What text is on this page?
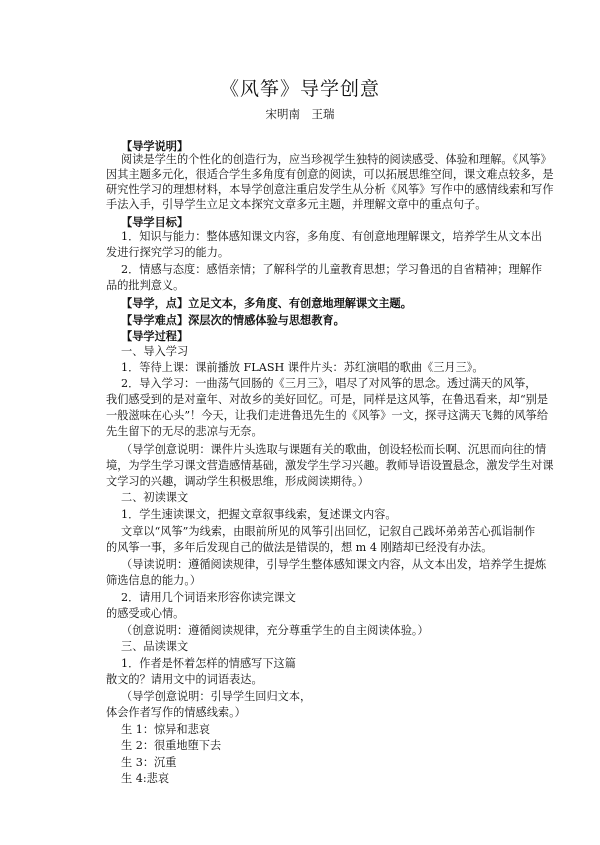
《风筝》导学创意
宋明南　王瑞
【导学说明】
阅读是学生的个性化的创造行为，应当珍视学生独特的阅读感受、体验和理解。《风筝》
因其主题多元化，很适合学生多角度有创意的阅读，可以拓展思维空间，课文难点较多，是
研究性学习的理想材料，本导学创意注重启发学生从分析《风筝》写作中的感情线索和写作
手法入手，引导学生立足文本探究文章多元主题，并理解文章中的重点句子。
【导学目标】
1．知识与能力：整体感知课文内容，多角度、有创意地理解课文，培养学生从文本出
发进行探究学习的能力。
2．情感与态度：感悟亲情；了解科学的儿童教育思想；学习鲁迅的自省精神；理解作
品的批判意义。
【导学，点】立足文本，多角度、有创意地理解课文主题。
【导学难点】深层次的情感体验与思想教育。
【导学过程】
一、导入学习
1．等待上课：课前播放 FLASH 课件片头：苏红演唱的歌曲《三月三》。
2．导入学习：一曲荡气回肠的《三月三》，唱尽了对风筝的思念。透过满天的风筝，
我们感受到的是对童年、对故乡的美好回忆。可是，同样是这风筝，在鲁迅看来，却“别是
一般滋味在心头”！今天，让我们走进鲁迅先生的《风筝》一文，探寻这满天飞舞的风筝给
先生留下的无尽的悲凉与无奈。
（导学创意说明：课件片头选取与课题有关的歌曲，创设轻松而长啊、沉思而向往的情
境，为学生学习课文营造感情基础，激发学生学习兴趣。教师导语设置悬念，激发学生对课
文学习的兴趣，调动学生积极思维，形成阅读期待。）
二、初读课文
1．学生速读课文，把握文章叙事线索，复述课文内容。
文章以“风筝”为线索，由眼前所见的风筝引出回忆，记叙自己践坏弟弟苦心孤诣制作
的风筝一事，多年后发现自己的做法是错误的，想 m 4 刚踏却已经没有办法。
（导读说明：遵循阅读规律，引导学生整体感知课文内容，从文本出发，培养学生提炼
筛选信息的能力。）
2．请用几个词语来形容你读完课文
的感受或心情。
（创意说明：遵循阅读规律，充分尊重学生的自主阅读体验。）
三、品读课文
1．作者是怀着怎样的情感写下这篇
散文的？请用文中的词语表达。
（导学创意说明：引导学生回归文本，
体会作者写作的情感线索。）
生 1：惊异和悲哀
生 2：很重地堕下去
生 3：沉重
生 4:悲哀
